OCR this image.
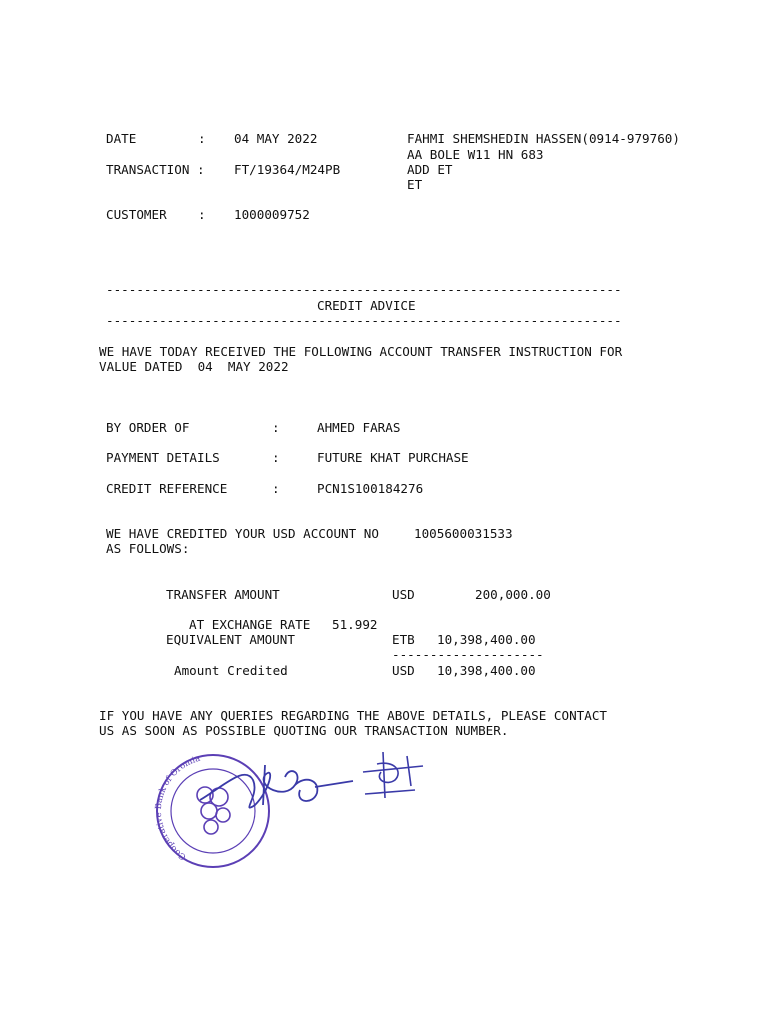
DATE	: 04 MAY 2022
TRANSACTION : FT/19364/M24PB
CUSTOMER : 1000009752
FAHMI SHEMSHEDIN HASSEN(0914-979760)
AA BOLE W11 HN 683
ADD ET
ET
--------------------------------------------------------------------
CREDIT ADVICE
--------------------------------------------------------------------
WE HAVE TODAY RECEIVED THE FOLLOWING ACCOUNT TRANSFER INSTRUCTION FOR
VALUE DATED  04  MAY 2022
BY ORDER OF	:	AHMED FARAS
PAYMENT DETAILS	:	FUTURE KHAT PURCHASE
CREDIT REFERENCE	:	PCN1S100184276
WE HAVE CREDITED YOUR USD ACCOUNT NO	1005600031533
AS FOLLOWS:
TRANSFER AMOUNT	USD	200,000.00
AT EXCHANGE RATE 51.992
EQUIVALENT AMOUNT	ETB 10,398,400.00
--------------------
Amount Credited	USD 10,398,400.00
IF YOU HAVE ANY QUERIES REGARDING THE ABOVE DETAILS, PLEASE CONTACT
US AS SOON AS POSSIBLE QUOTING OUR TRANSACTION NUMBER.
Cooperative Bank of Oromia
